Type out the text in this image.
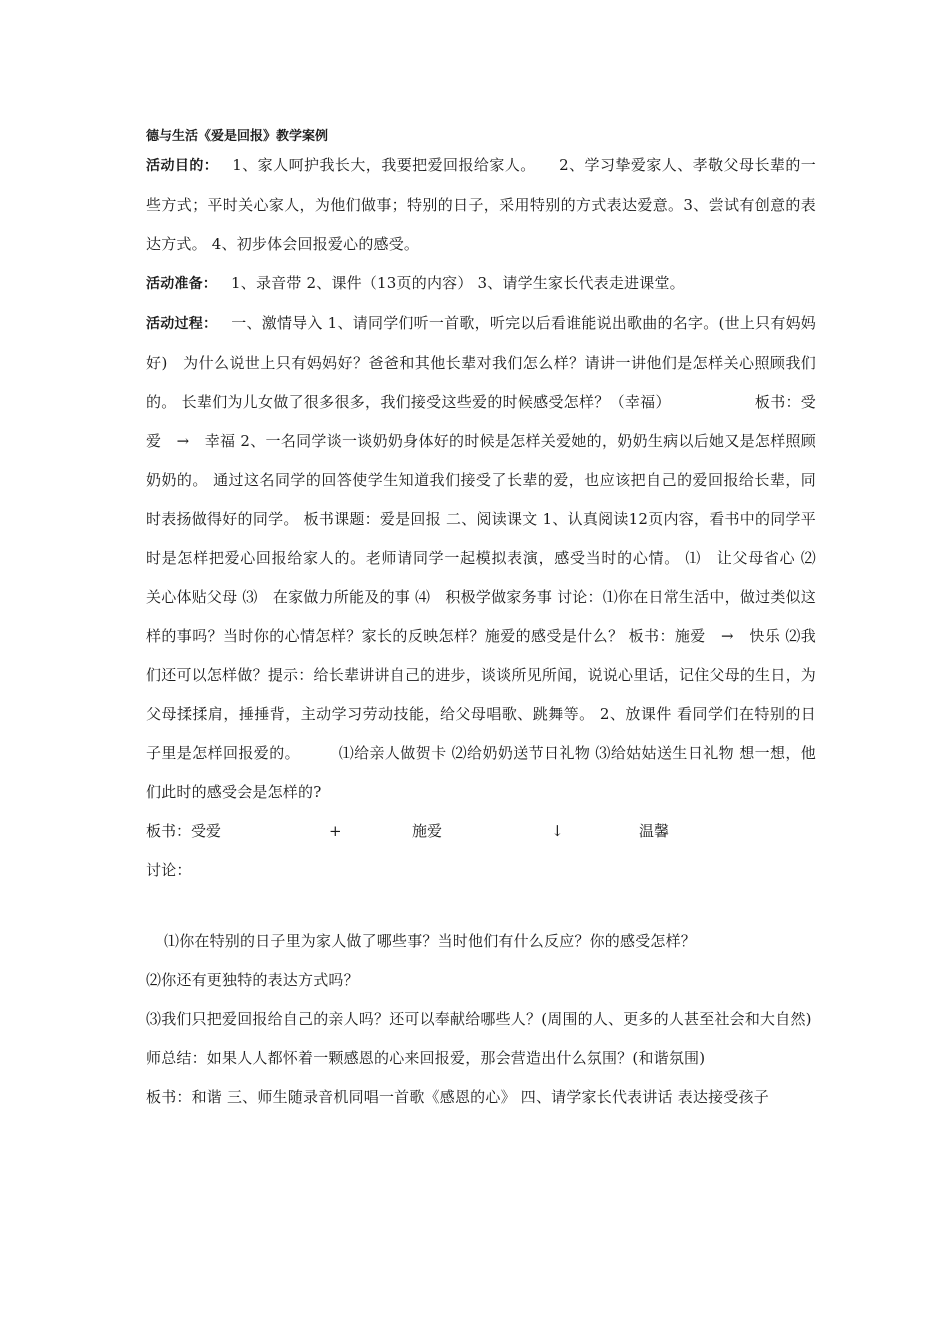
德与生活《爱是回报》教学案例

活动目的： 1、家人呵护我长大，我要把爱回报给家人。　　2、学习挚爱家人、孝敬父母长辈的一些方式；平时关心家人，为他们做事；特别的日子，采用特别的方式表达爱意。3、尝试有创意的表达方式。 4、初步体会回报爱心的感受。

活动准备： 1、录音带 2、课件（13页的内容） 3、请学生家长代表走进课堂。

活动过程： 一、激情导入 1、请同学们听一首歌，听完以后看谁能说出歌曲的名字。(世上只有妈妈好)　为什么说世上只有妈妈好？爸爸和其他长辈对我们怎么样？请讲一讲他们是怎样关心照顾我们的。 长辈们为儿女做了很多很多，我们接受这些爱的时候感受怎样？（幸福）　　　　　　板书：受爱　→　幸福 2、一名同学谈一谈奶奶身体好的时候是怎样关爱她的，奶奶生病以后她又是怎样照顾奶奶的。 通过这名同学的回答使学生知道我们接受了长辈的爱，也应该把自己的爱回报给长辈，同时表扬做得好的同学。 板书课题：爱是回报 二、阅读课文 1、认真阅读12页内容，看书中的同学平时是怎样把爱心回报给家人的。老师请同学一起模拟表演，感受当时的心情。 ⑴　让父母省心 ⑵　关心体贴父母 ⑶　在家做力所能及的事 ⑷　积极学做家务事 讨论：⑴你在日常生活中，做过类似这样的事吗？当时你的心情怎样？家长的反映怎样？施爱的感受是什么？ 板书：施爱　→　快乐 ⑵我们还可以怎样做？提示：给长辈讲讲自己的进步，谈谈所见所闻，说说心里话，记住父母的生日，为父母揉揉肩，捶捶背，主动学习劳动技能，给父母唱歌、跳舞等。 2、放课件 看同学们在特别的日子里是怎样回报爱的。　　　⑴给亲人做贺卡 ⑵给奶奶送节日礼物 ⑶给姑姑送生日礼物 想一想，他们此时的感受会是怎样的?

板书：受爱	+	施爱	↓	温馨

讨论：

⑴你在特别的日子里为家人做了哪些事？当时他们有什么反应？你的感受怎样？

⑵你还有更独特的表达方式吗？

⑶我们只把爱回报给自己的亲人吗？还可以奉献给哪些人？(周围的人、更多的人甚至社会和大自然)

师总结：如果人人都怀着一颗感恩的心来回报爱，那会营造出什么氛围？(和谐氛围)

板书：和谐 三、师生随录音机同唱一首歌《感恩的心》 四、请学家长代表讲话 表达接受孩子
